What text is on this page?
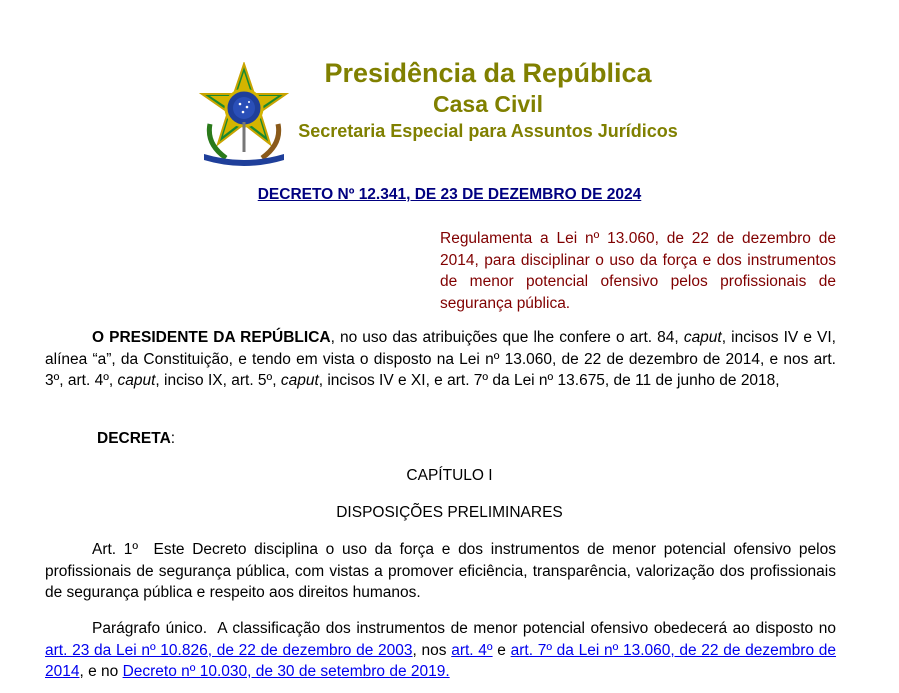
Presidência da República
Casa Civil
Secretaria Especial para Assuntos Jurídicos
DECRETO Nº 12.341, DE 23 DE DEZEMBRO DE 2024
Regulamenta a Lei nº 13.060, de 22 de dezembro de 2014, para disciplinar o uso da força e dos instrumentos de menor potencial ofensivo pelos profissionais de segurança pública.
O PRESIDENTE DA REPÚBLICA, no uso das atribuições que lhe confere o art. 84, caput, incisos IV e VI, alínea “a”, da Constituição, e tendo em vista o disposto na Lei nº 13.060, de 22 de dezembro de 2014, e nos art. 3º, art. 4º, caput, inciso IX, art. 5º, caput, incisos IV e XI, e art. 7º da Lei nº 13.675, de 11 de junho de 2018,
DECRETA:
CAPÍTULO I
DISPOSIÇÕES PRELIMINARES
Art. 1º Este Decreto disciplina o uso da força e dos instrumentos de menor potencial ofensivo pelos profissionais de segurança pública, com vistas a promover eficiência, transparência, valorização dos profissionais de segurança pública e respeito aos direitos humanos.
Parágrafo único. A classificação dos instrumentos de menor potencial ofensivo obedecerá ao disposto no art. 23 da Lei nº 10.826, de 22 de dezembro de 2003, nos art. 4º e art. 7º da Lei nº 13.060, de 22 de dezembro de 2014, e no Decreto nº 10.030, de 30 de setembro de 2019.
